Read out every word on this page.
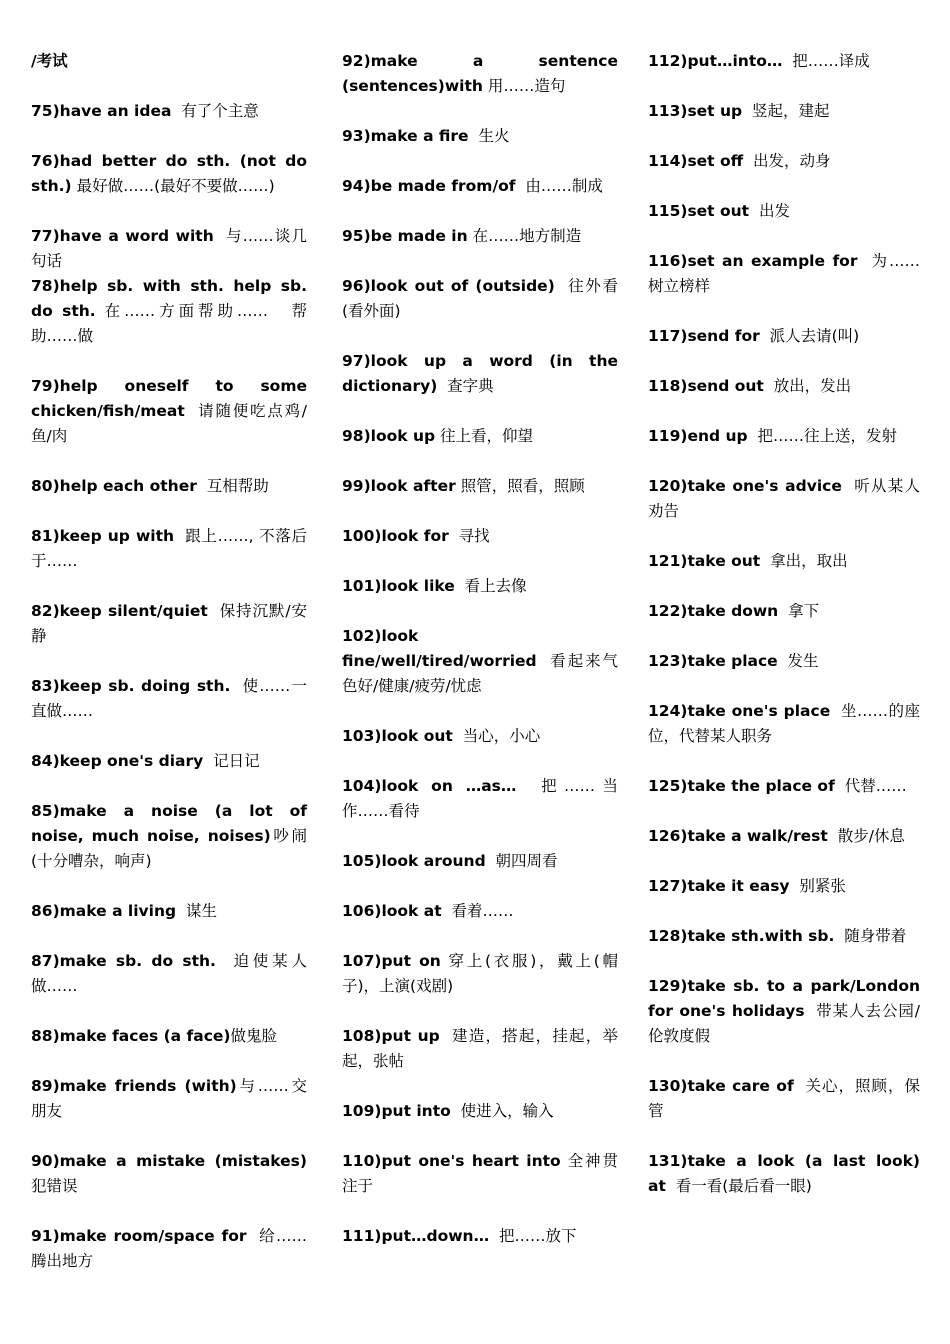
/考试
75)have an idea 有了个主意
76)had better do sth. (not do sth.) 最好做……(最好不要做……)
77)have a word with 与……谈几句话
78)help sb. with sth. help sb. do sth. 在……方面帮助……　帮助……做
79)help oneself to some chicken/fish/meat 请随便吃点鸡/鱼/肉
80)help each other 互相帮助
81)keep up with 跟上……, 不落后于……
82)keep silent/quiet 保持沉默/安静
83)keep sb. doing sth. 使……一直做……
84)keep one's diary 记日记
85)make a noise (a lot of noise, much noise, noises)吵闹(十分嘈杂，响声)
86)make a living 谋生
87)make sb. do sth. 迫使某人做……
88)make faces (a face)做鬼脸
89)make friends (with)与……交朋友
90)make a mistake (mistakes)犯错误
91)make room/space for 给……腾出地方
92)make a sentence (sentences)with 用……造句
93)make a fire 生火
94)be made from/of 由……制成
95)be made in 在……地方制造
96)look out of (outside) 往外看(看外面)
97)look up a word (in the dictionary) 查字典
98)look up 往上看，仰望
99)look after 照管，照看，照顾
100)look for 寻找
101)look like 看上去像
102)look fine/well/tired/worried 看起来气色好/健康/疲劳/忧虑
103)look out 当心，小心
104)look on …as… 把……当作……看待
105)look around 朝四周看
106)look at 看着……
107)put on 穿上(衣服)，戴上(帽子)，上演(戏剧)
108)put up 建造，搭起，挂起，举起，张帖
109)put into 使进入，输入
110)put one's heart into 全神贯注于
111)put…down… 把……放下
112)put…into… 把……译成
113)set up 竖起，建起
114)set off 出发，动身
115)set out 出发
116)set an example for 为……树立榜样
117)send for 派人去请(叫)
118)send out 放出，发出
119)end up 把……往上送，发射
120)take one's advice 听从某人劝告
121)take out 拿出，取出
122)take down 拿下
123)take place 发生
124)take one's place 坐……的座位，代替某人职务
125)take the place of 代替……
126)take a walk/rest 散步/休息
127)take it easy 别紧张
128)take sth.with sb. 随身带着
129)take sb. to a park/London for one's holidays 带某人去公园/伦敦度假
130)take care of 关心，照顾，保管
131)take a look (a last look) at 看一看(最后看一眼)
